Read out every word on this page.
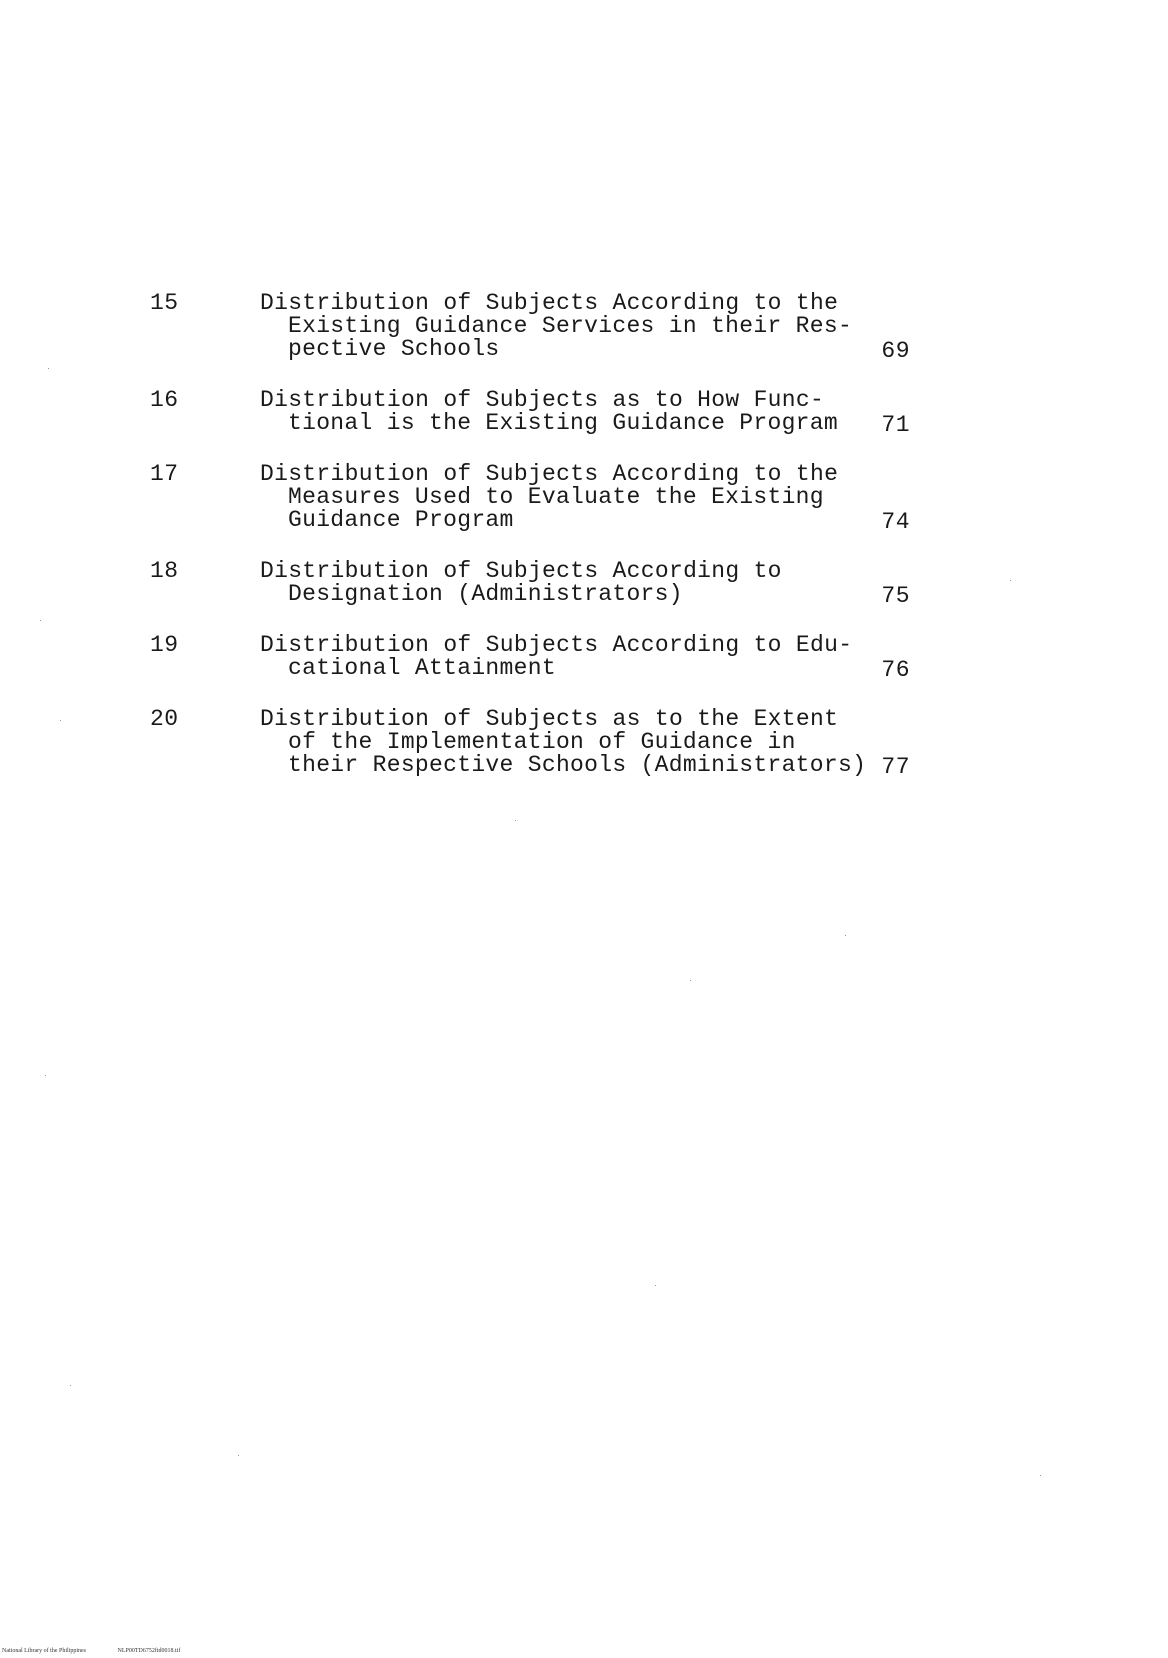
15	Distribution of Subjects According to the
Existing Guidance Services in their Res-
pective Schools	69
16	Distribution of Subjects as to How Func-
tional is the Existing Guidance Program	71
17	Distribution of Subjects According to the
Measures Used to Evaluate the Existing
Guidance Program	74
18	Distribution of Subjects According to
Designation (Administrators)	75
19	Distribution of Subjects According to Edu-
cational Attainment	76
20	Distribution of Subjects as to the Extent
of the Implementation of Guidance in
their Respective Schools (Administrators) 77
National Library of the Philippines	NLP00TD6752ftd0018.tif
